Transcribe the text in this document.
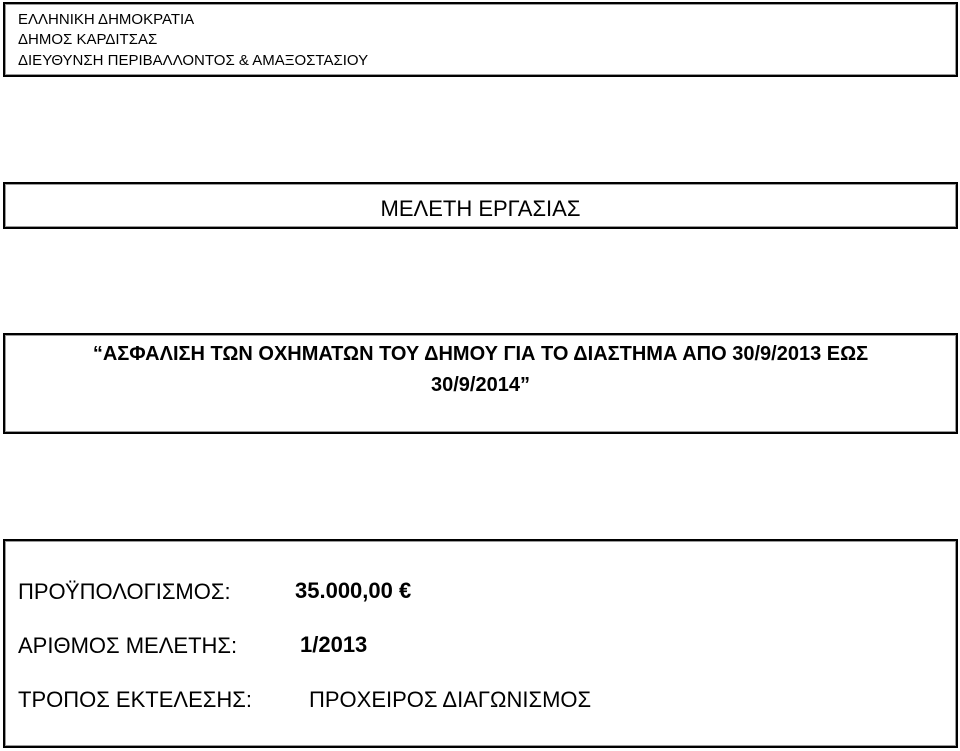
ΕΛΛΗΝΙΚΗ ΔΗΜΟΚΡΑΤΙΑ
ΔΗΜΟΣ ΚΑΡΔΙΤΣΑΣ
ΔΙΕΥΘΥΝΣΗ ΠΕΡΙΒΑΛΛΟΝΤΟΣ & ΑΜΑΞΟΣΤΑΣΙΟΥ
ΜΕΛΕΤΗ ΕΡΓΑΣΙΑΣ
“ΑΣΦΑΛΙΣΗ ΤΩΝ ΟΧΗΜΑΤΩΝ ΤΟΥ ΔΗΜΟΥ ΓΙΑ ΤΟ ΔΙΑΣΤΗΜΑ ΑΠΟ 30/9/2013 ΕΩΣ
30/9/2014”
ΠΡΟΫΠΟΛΟΓΙΣΜΟΣ:	35.000,00 €
ΑΡΙΘΜΟΣ ΜΕΛΕΤΗΣ:	1/2013
ΤΡΟΠΟΣ ΕΚΤΕΛΕΣΗΣ:	ΠΡΟΧΕΙΡΟΣ ΔΙΑΓΩΝΙΣΜΟΣ
